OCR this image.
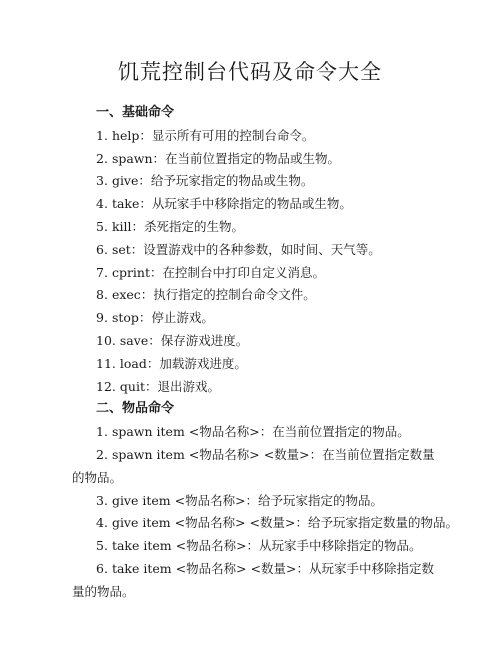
饥荒控制台代码及命令大全

一、基础命令

1. help：显示所有可用的控制台命令。

2. spawn：在当前位置指定的物品或生物。

3. give：给予玩家指定的物品或生物。

4. take：从玩家手中移除指定的物品或生物。

5. kill：杀死指定的生物。

6. set：设置游戏中的各种参数，如时间、天气等。

7. cprint：在控制台中打印自定义消息。

8. exec：执行指定的控制台命令文件。

9. stop：停止游戏。

10. save：保存游戏进度。

11. load：加载游戏进度。

12. quit：退出游戏。

二、物品命令

1. spawn item <物品名称>：在当前位置指定的物品。

2. spawn item <物品名称> <数量>：在当前位置指定数量的物品。

3. give item <物品名称>：给予玩家指定的物品。

4. give item <物品名称> <数量>：给予玩家指定数量的物品。

5. take item <物品名称>：从玩家手中移除指定的物品。

6. take item <物品名称> <数量>：从玩家手中移除指定数量的物品。
